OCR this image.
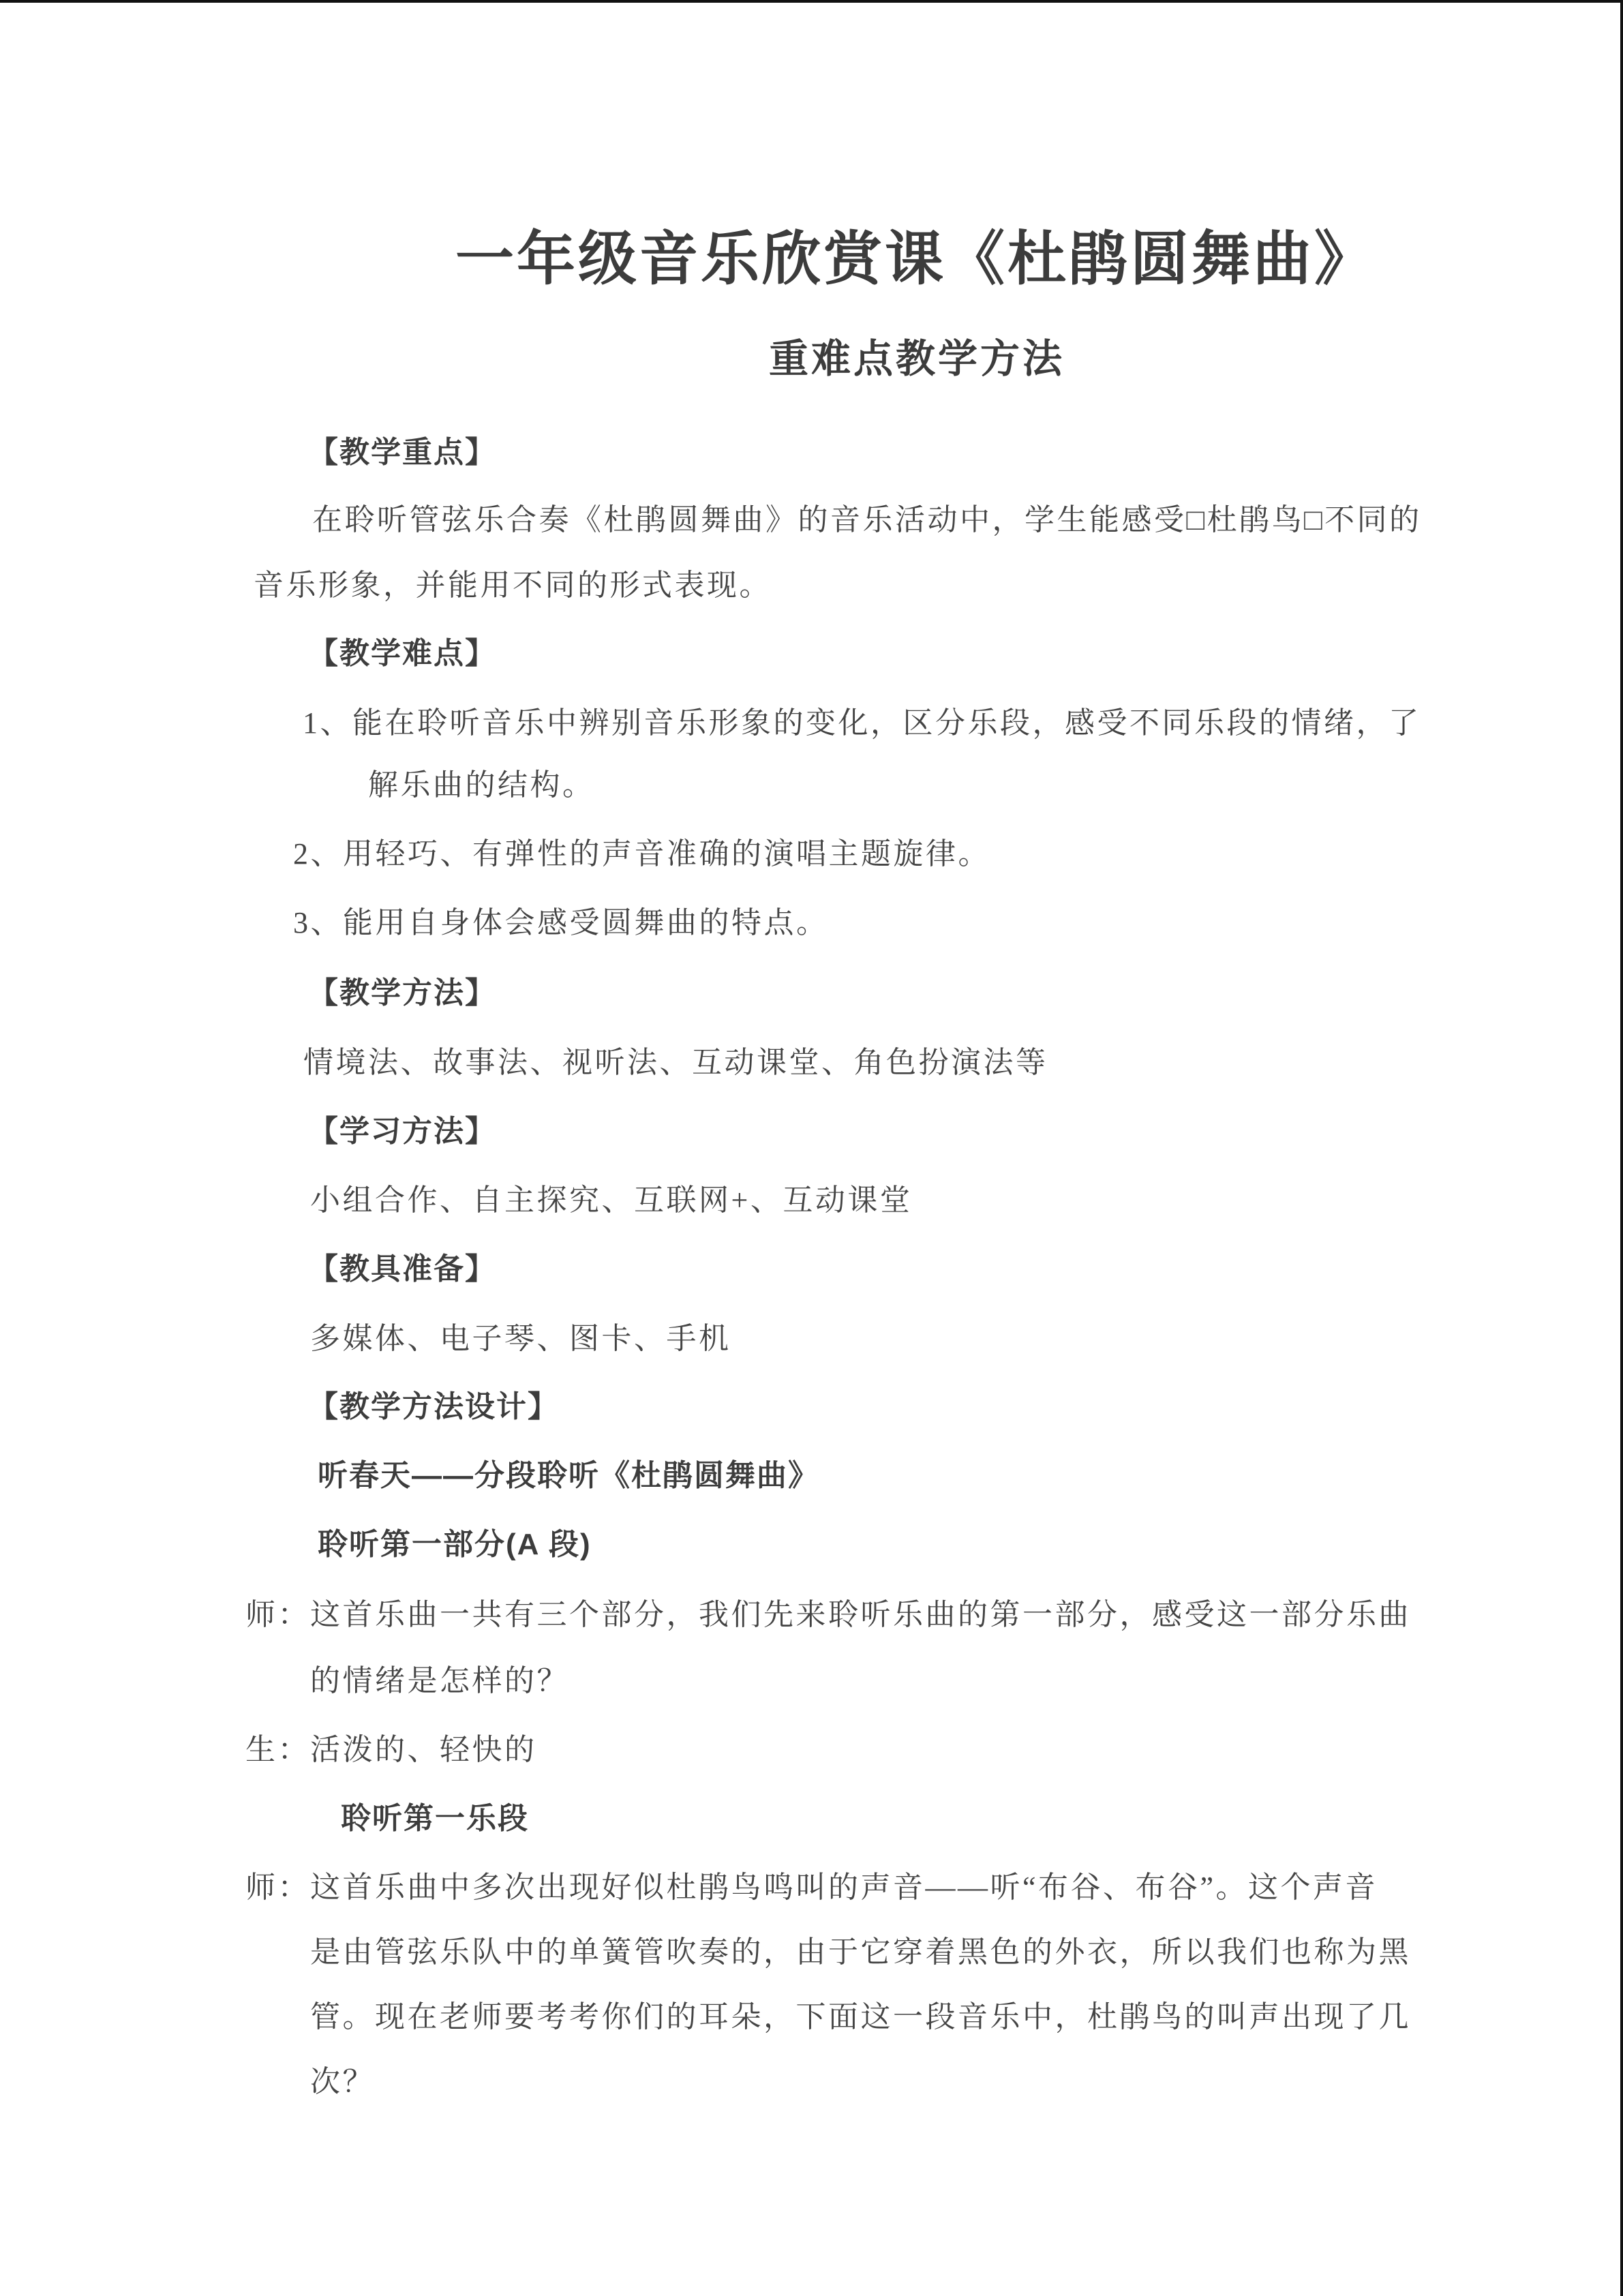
一年级音乐欣赏课《杜鹃圆舞曲》
重难点教学方法
【教学重点】
在聆听管弦乐合奏《杜鹃圆舞曲》的音乐活动中，学生能感受□杜鹃鸟□不同的
音乐形象，并能用不同的形式表现。
【教学难点】
1、能在聆听音乐中辨别音乐形象的变化，区分乐段，感受不同乐段的情绪，了
解乐曲的结构。
2、用轻巧、有弹性的声音准确的演唱主题旋律。
3、能用自身体会感受圆舞曲的特点。
【教学方法】
情境法、故事法、视听法、互动课堂、角色扮演法等
【学习方法】
小组合作、自主探究、互联网+、互动课堂
【教具准备】
多媒体、电子琴、图卡、手机
【教学方法设计】
听春天——分段聆听《杜鹃圆舞曲》
聆听第一部分(A 段)
师：这首乐曲一共有三个部分，我们先来聆听乐曲的第一部分，感受这一部分乐曲
的情绪是怎样的？
生：活泼的、轻快的
聆听第一乐段
师：这首乐曲中多次出现好似杜鹃鸟鸣叫的声音——听“布谷、布谷”。这个声音
是由管弦乐队中的单簧管吹奏的，由于它穿着黑色的外衣，所以我们也称为黑
管。现在老师要考考你们的耳朵，下面这一段音乐中，杜鹃鸟的叫声出现了几
次？
